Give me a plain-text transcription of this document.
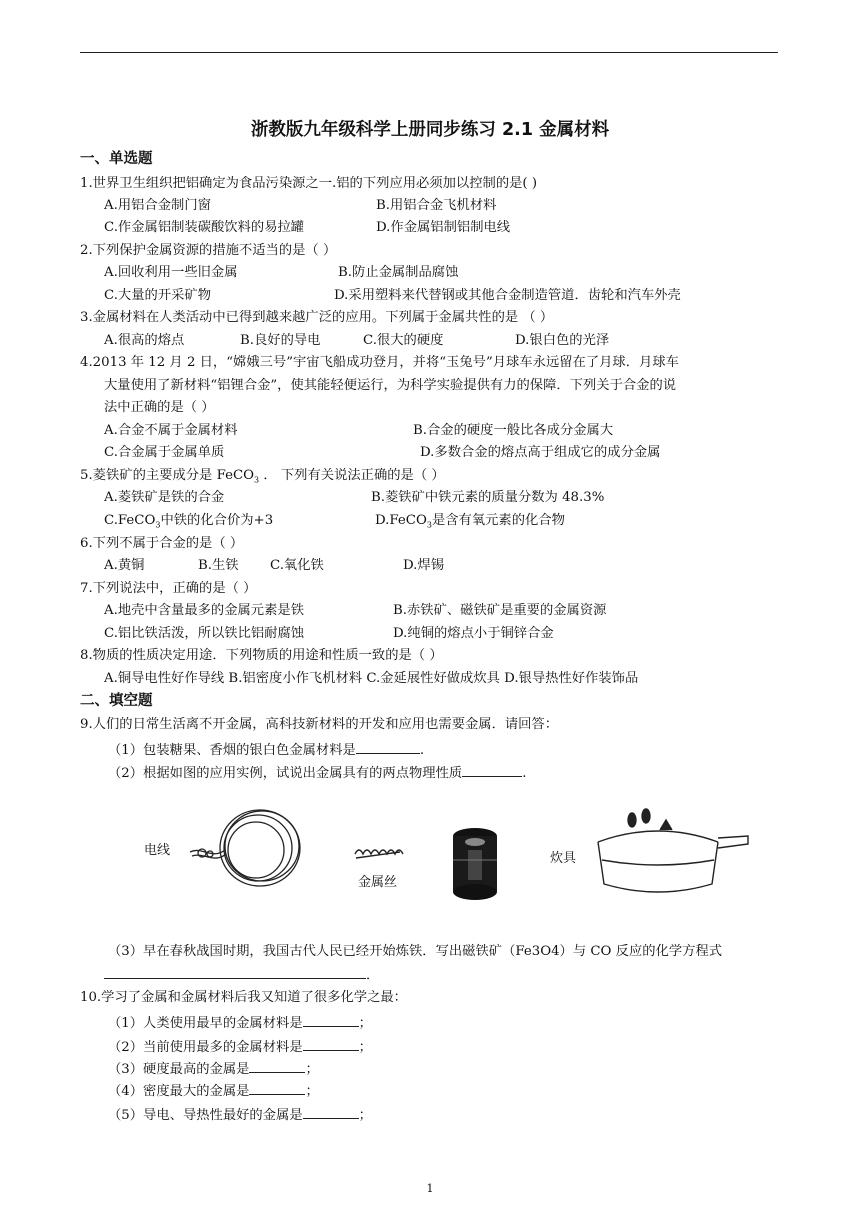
浙教版九年级科学上册同步练习 2.1 金属材料
一、单选题
1.世界卫生组织把铝确定为食品污染源之一.铝的下列应用必须加以控制的是( )
A.用铝合金制门窗	B.用铝合金飞机材料
C.作金属铝制装碳酸饮料的易拉罐	D.作金属铝制铝制电线
2.下列保护金属资源的措施不适当的是（ ）
A.回收利用一些旧金属	B.防止金属制品腐蚀
C.大量的开采矿物	D.采用塑料来代替钢或其他合金制造管道．齿轮和汽车外壳
3.金属材料在人类活动中已得到越来越广泛的应用。下列属于金属共性的是 （ ）
A.很高的熔点	B.良好的导电	C.很大的硬度	D.银白色的光泽
4.2013 年 12 月 2 日，“嫦娥三号”宇宙飞船成功登月，并将“玉兔号”月球车永远留在了月球．月球车
大量使用了新材料“铝锂合金”，使其能轻便运行，为科学实验提供有力的保障．下列关于合金的说
法中正确的是（ ）
A.合金不属于金属材料	B.合金的硬度一般比各成分金属大
C.合金属于金属单质	D.多数合金的熔点高于组成它的成分金属
5.菱铁矿的主要成分是 FeCO$_3$ ． 下列有关说法正确的是（ ）
A.菱铁矿是铁的合金	B.菱铁矿中铁元素的质量分数为 48.3%
C.FeCO$_3$中铁的化合价为+3	D.FeCO$_3$是含有氧元素的化合物
6.下列不属于合金的是（ ）
A.黄铜	B.生铁 C.氧化铁	D.焊锡
7.下列说法中，正确的是（ ）
A.地壳中含量最多的金属元素是铁	B.赤铁矿、磁铁矿是重要的金属资源
C.铝比铁活泼，所以铁比铝耐腐蚀	D.纯铜的熔点小于铜锌合金
8.物质的性质决定用途．下列物质的用途和性质一致的是（ ）
A.铜导电性好作导线 B.铝密度小作飞机材料 C.金延展性好做成炊具 D.银导热性好作装饰品
二、填空题
9.人们的日常生活离不开金属，高科技新材料的开发和应用也需要金属．请回答：
（1）包装糖果、香烟的银白色金属材料是	.
（2）根据如图的应用实例，试说出金属具有的两点物理性质	.
电线
金属丝
炊具
（3）早在春秋战国时期，我国古代人民已经开始炼铁．写出磁铁矿（Fe3O4）与 CO 反应的化学方程式
．
10.学习了金属和金属材料后我又知道了很多化学之最：
（1）人类使用最早的金属材料是	；
（2）当前使用最多的金属材料是	；
（3）硬度最高的金属是	；
（4）密度最大的金属是	；
（5）导电、导热性最好的金属是	；
1
